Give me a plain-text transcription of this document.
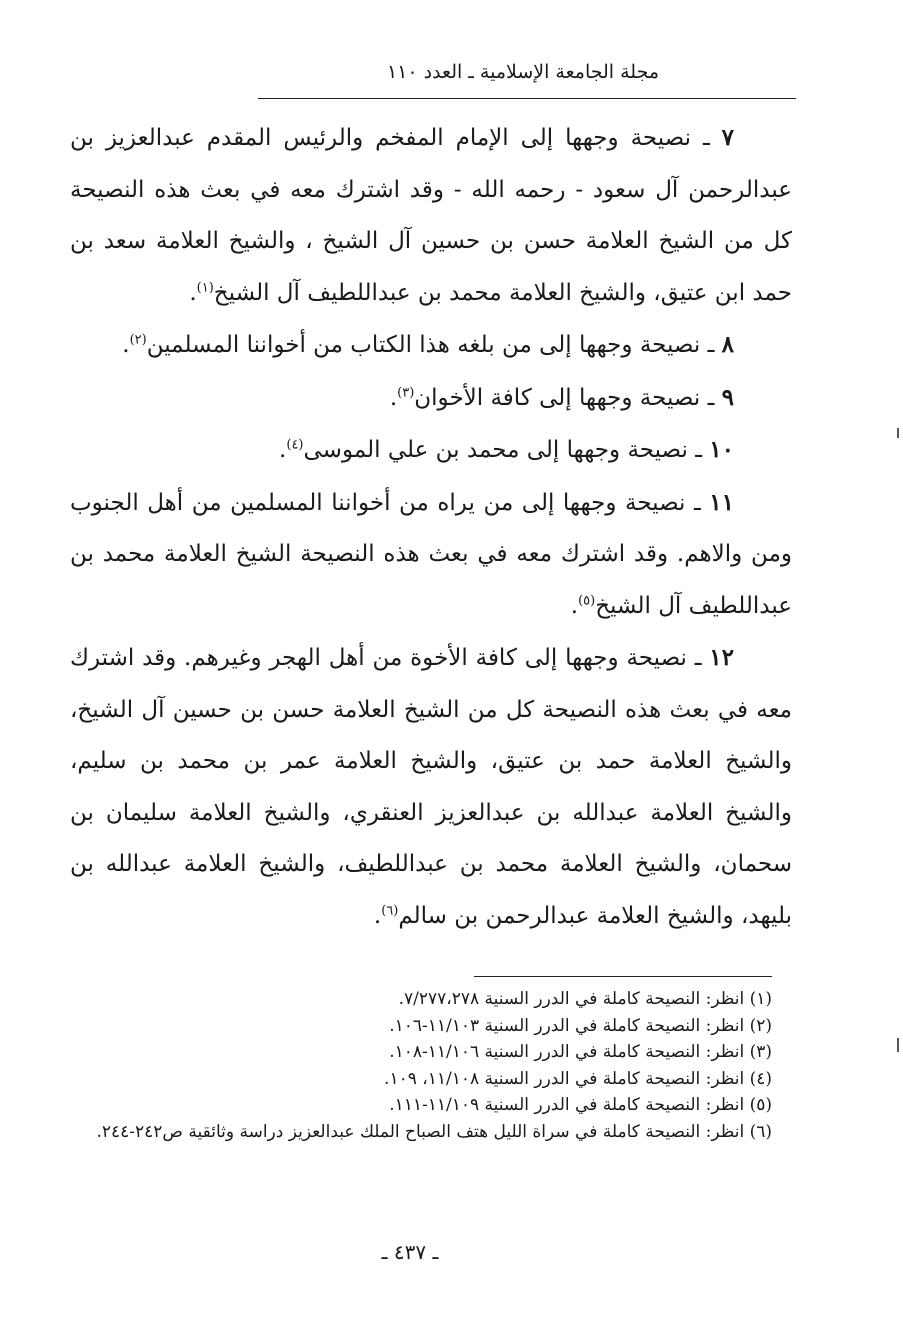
مجلة الجامعة الإسلامية ـ العدد ١١٠

٧ ـ نصيحة وجهها إلى الإمام المفخم والرئيس المقدم عبدالعزيز بن عبدالرحمن آل سعود - رحمه الله - وقد اشترك معه في بعث هذه النصيحة كل من الشيخ العلامة حسن بن حسين آل الشيخ ، والشيخ العلامة سعد بن حمد ابن عتيق، والشيخ العلامة محمد بن عبداللطيف آل الشيخ$^{(١)}$.

٨ ـ نصيحة وجهها إلى من بلغه هذا الكتاب من أخواننا المسلمين$^{(٢)}$.

٩ ـ نصيحة وجهها إلى كافة الأخوان$^{(٣)}$.

١٠ ـ نصيحة وجهها إلى محمد بن علي الموسى$^{(٤)}$.

١١ ـ نصيحة وجهها إلى من يراه من أخواننا المسلمين من أهل الجنوب ومن والاهم. وقد اشترك معه في بعث هذه النصيحة الشيخ العلامة محمد بن عبداللطيف آل الشيخ$^{(٥)}$.

١٢ ـ نصيحة وجهها إلى كافة الأخوة من أهل الهجر وغيرهم. وقد اشترك معه في بعث هذه النصيحة كل من الشيخ العلامة حسن بن حسين آل الشيخ، والشيخ العلامة حمد بن عتيق، والشيخ العلامة عمر بن محمد بن سليم، والشيخ العلامة عبدالله بن عبدالعزيز العنقري، والشيخ العلامة سليمان بن سحمان، والشيخ العلامة محمد بن عبداللطيف، والشيخ العلامة عبدالله بن بليهد، والشيخ العلامة عبدالرحمن بن سالم$^{(٦)}$.

(١) انظر: النصيحة كاملة في الدرر السنية ٧/٢٧٧،٢٧٨.

(٢) انظر: النصيحة كاملة في الدرر السنية ١١/١٠٣-١٠٦.

(٣) انظر: النصيحة كاملة في الدرر السنية ١١/١٠٦-١٠٨.

(٤) انظر: النصيحة كاملة في الدرر السنية ١١/١٠٨، ١٠٩.

(٥) انظر: النصيحة كاملة في الدرر السنية ١١/١٠٩-١١١.

(٦) انظر: النصيحة كاملة في سراة الليل هتف الصباح الملك عبدالعزيز دراسة وثائقية ص٢٤٢-٢٤٤.

ـ ٤٣٧ ـ
